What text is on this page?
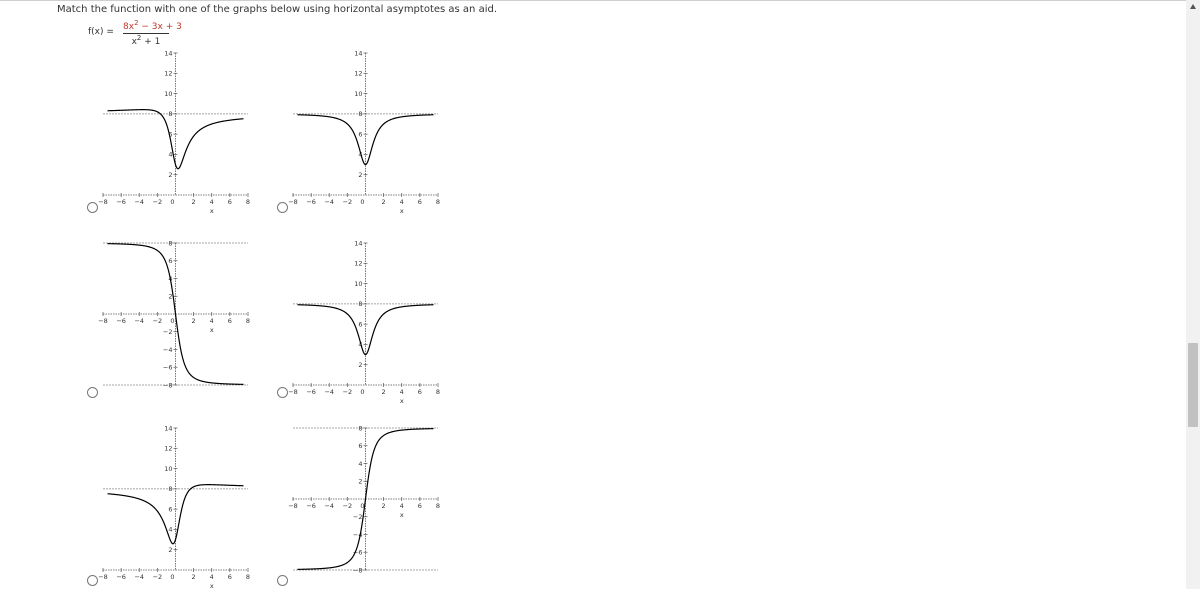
Match the function with one of the graphs below using horizontal asymptotes as an aid.
$f(x) = 8x^2 - 3x + 3$
$x^2 + 1$
−8 −6 −4 −2 0	2 4 6 8
x
2
4
6
8
10
12
14
−8 −6 −4 −2 0	2 4 6 8
x
2
4
6
8
10
12
14
−8 −6 −4 −2 0	2 4 6 8
x
−8
−6
−4
−2
2
4
6
8
−8 −6 −4 −2 0	2 4 6 8
x
2
4
6
8
10
12
14
−8 −6 −4 −2 0	2 4 6 8
x
2
4
6
8
10
12
14
−8 −6 −4 −2 0	2 4 6 8
x
−8
−6
−4
−2
2
4
6
8
